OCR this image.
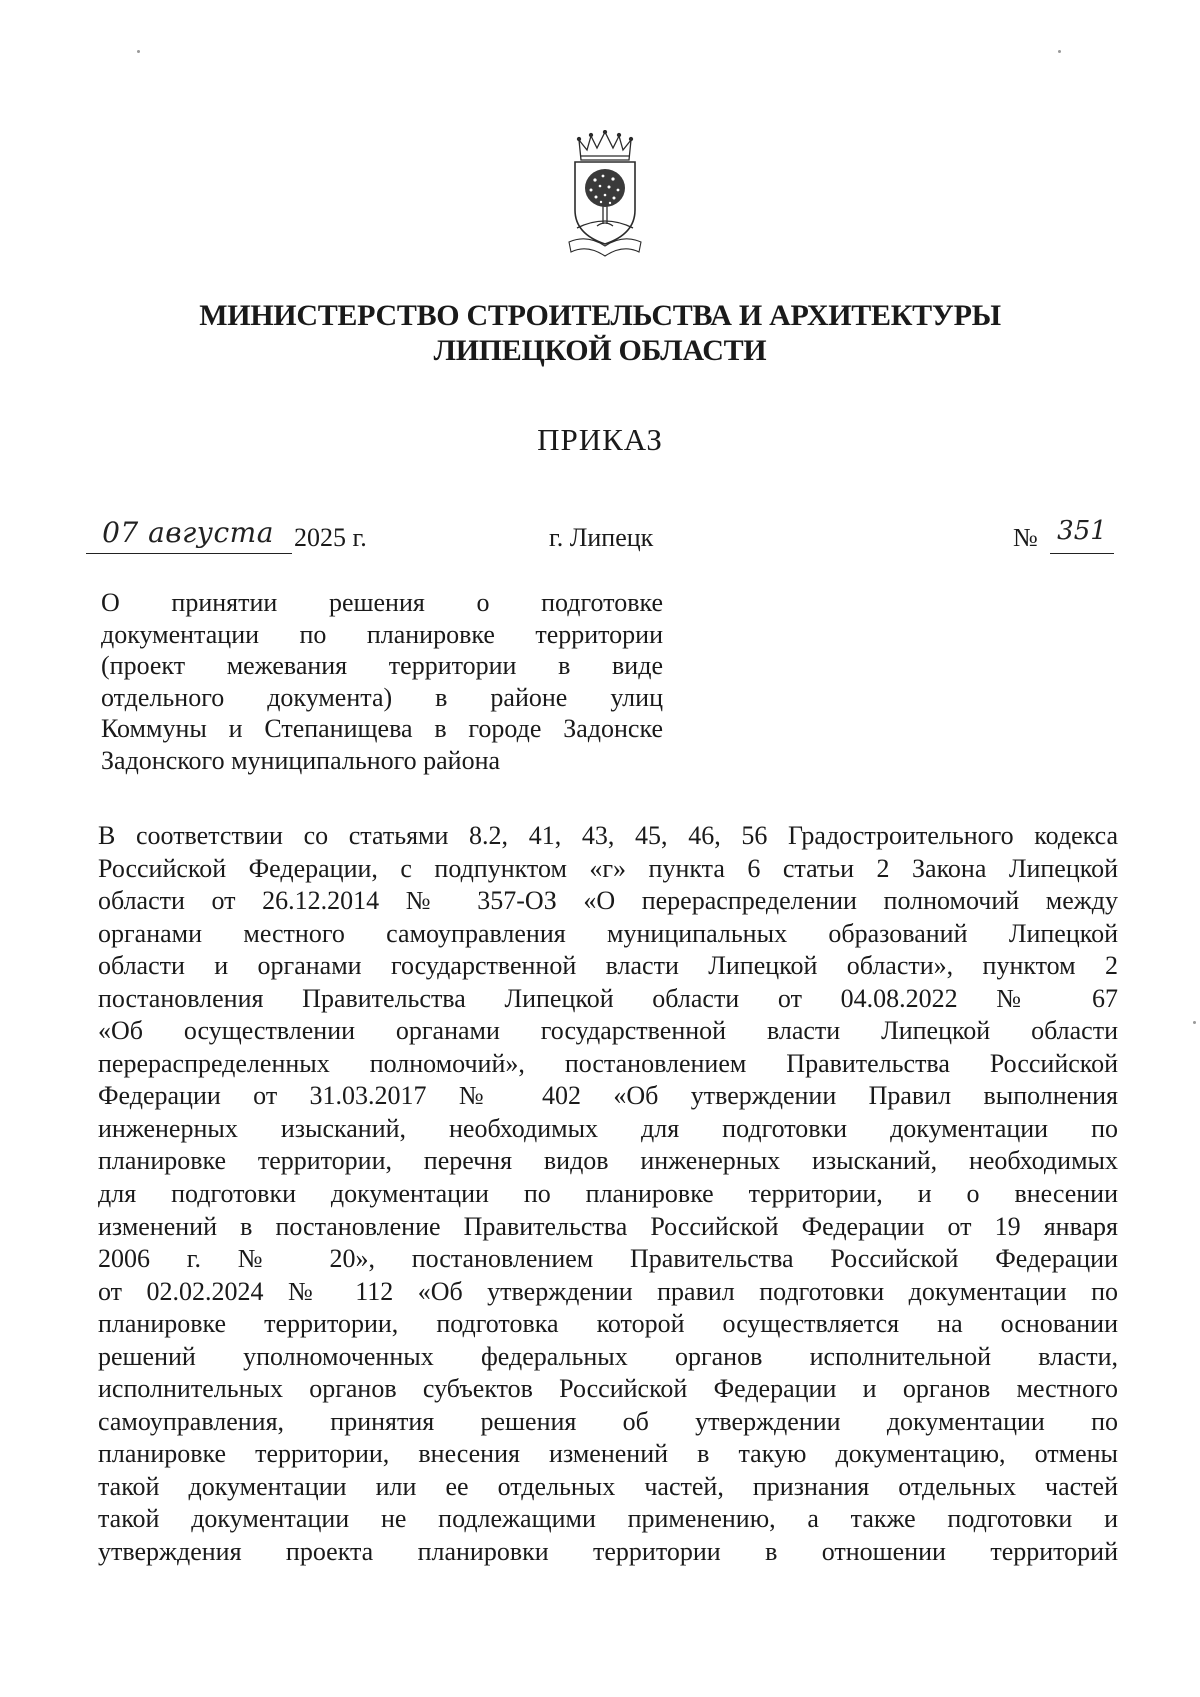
МИНИСТЕРСТВО СТРОИТЕЛЬСТВА И АРХИТЕКТУРЫ
ЛИПЕЦКОЙ ОБЛАСТИ
ПРИКАЗ
07 августа 2025 г.	г. Липецк	№ 351
О принятии решения о подготовке
документации по планировке территории
(проект межевания территории в виде
отдельного документа) в районе улиц
Коммуны и Степанищева в городе Задонске
Задонского муниципального района
В соответствии со статьями 8.2, 41, 43, 45, 46, 56 Градостроительного кодекса
Российской Федерации, с подпунктом «г» пункта 6 статьи 2 Закона Липецкой
области от 26.12.2014 № 357-ОЗ «О перераспределении полномочий между
органами местного самоуправления муниципальных образований Липецкой
области и органами государственной власти Липецкой области», пунктом 2
постановления Правительства Липецкой области от 04.08.2022 № 67
«Об осуществлении органами государственной власти Липецкой области
перераспределенных полномочий», постановлением Правительства Российской
Федерации от 31.03.2017 № 402 «Об утверждении Правил выполнения
инженерных изысканий, необходимых для подготовки документации по
планировке территории, перечня видов инженерных изысканий, необходимых
для подготовки документации по планировке территории, и о внесении
изменений в постановление Правительства Российской Федерации от 19 января
2006 г. № 20», постановлением Правительства Российской Федерации
от 02.02.2024 № 112 «Об утверждении правил подготовки документации по
планировке территории, подготовка которой осуществляется на основании
решений уполномоченных федеральных органов исполнительной власти,
исполнительных органов субъектов Российской Федерации и органов местного
самоуправления, принятия решения об утверждении документации по
планировке территории, внесения изменений в такую документацию, отмены
такой документации или ее отдельных частей, признания отдельных частей
такой документации не подлежащими применению, а также подготовки и
утверждения проекта планировки территории в отношении территорий
